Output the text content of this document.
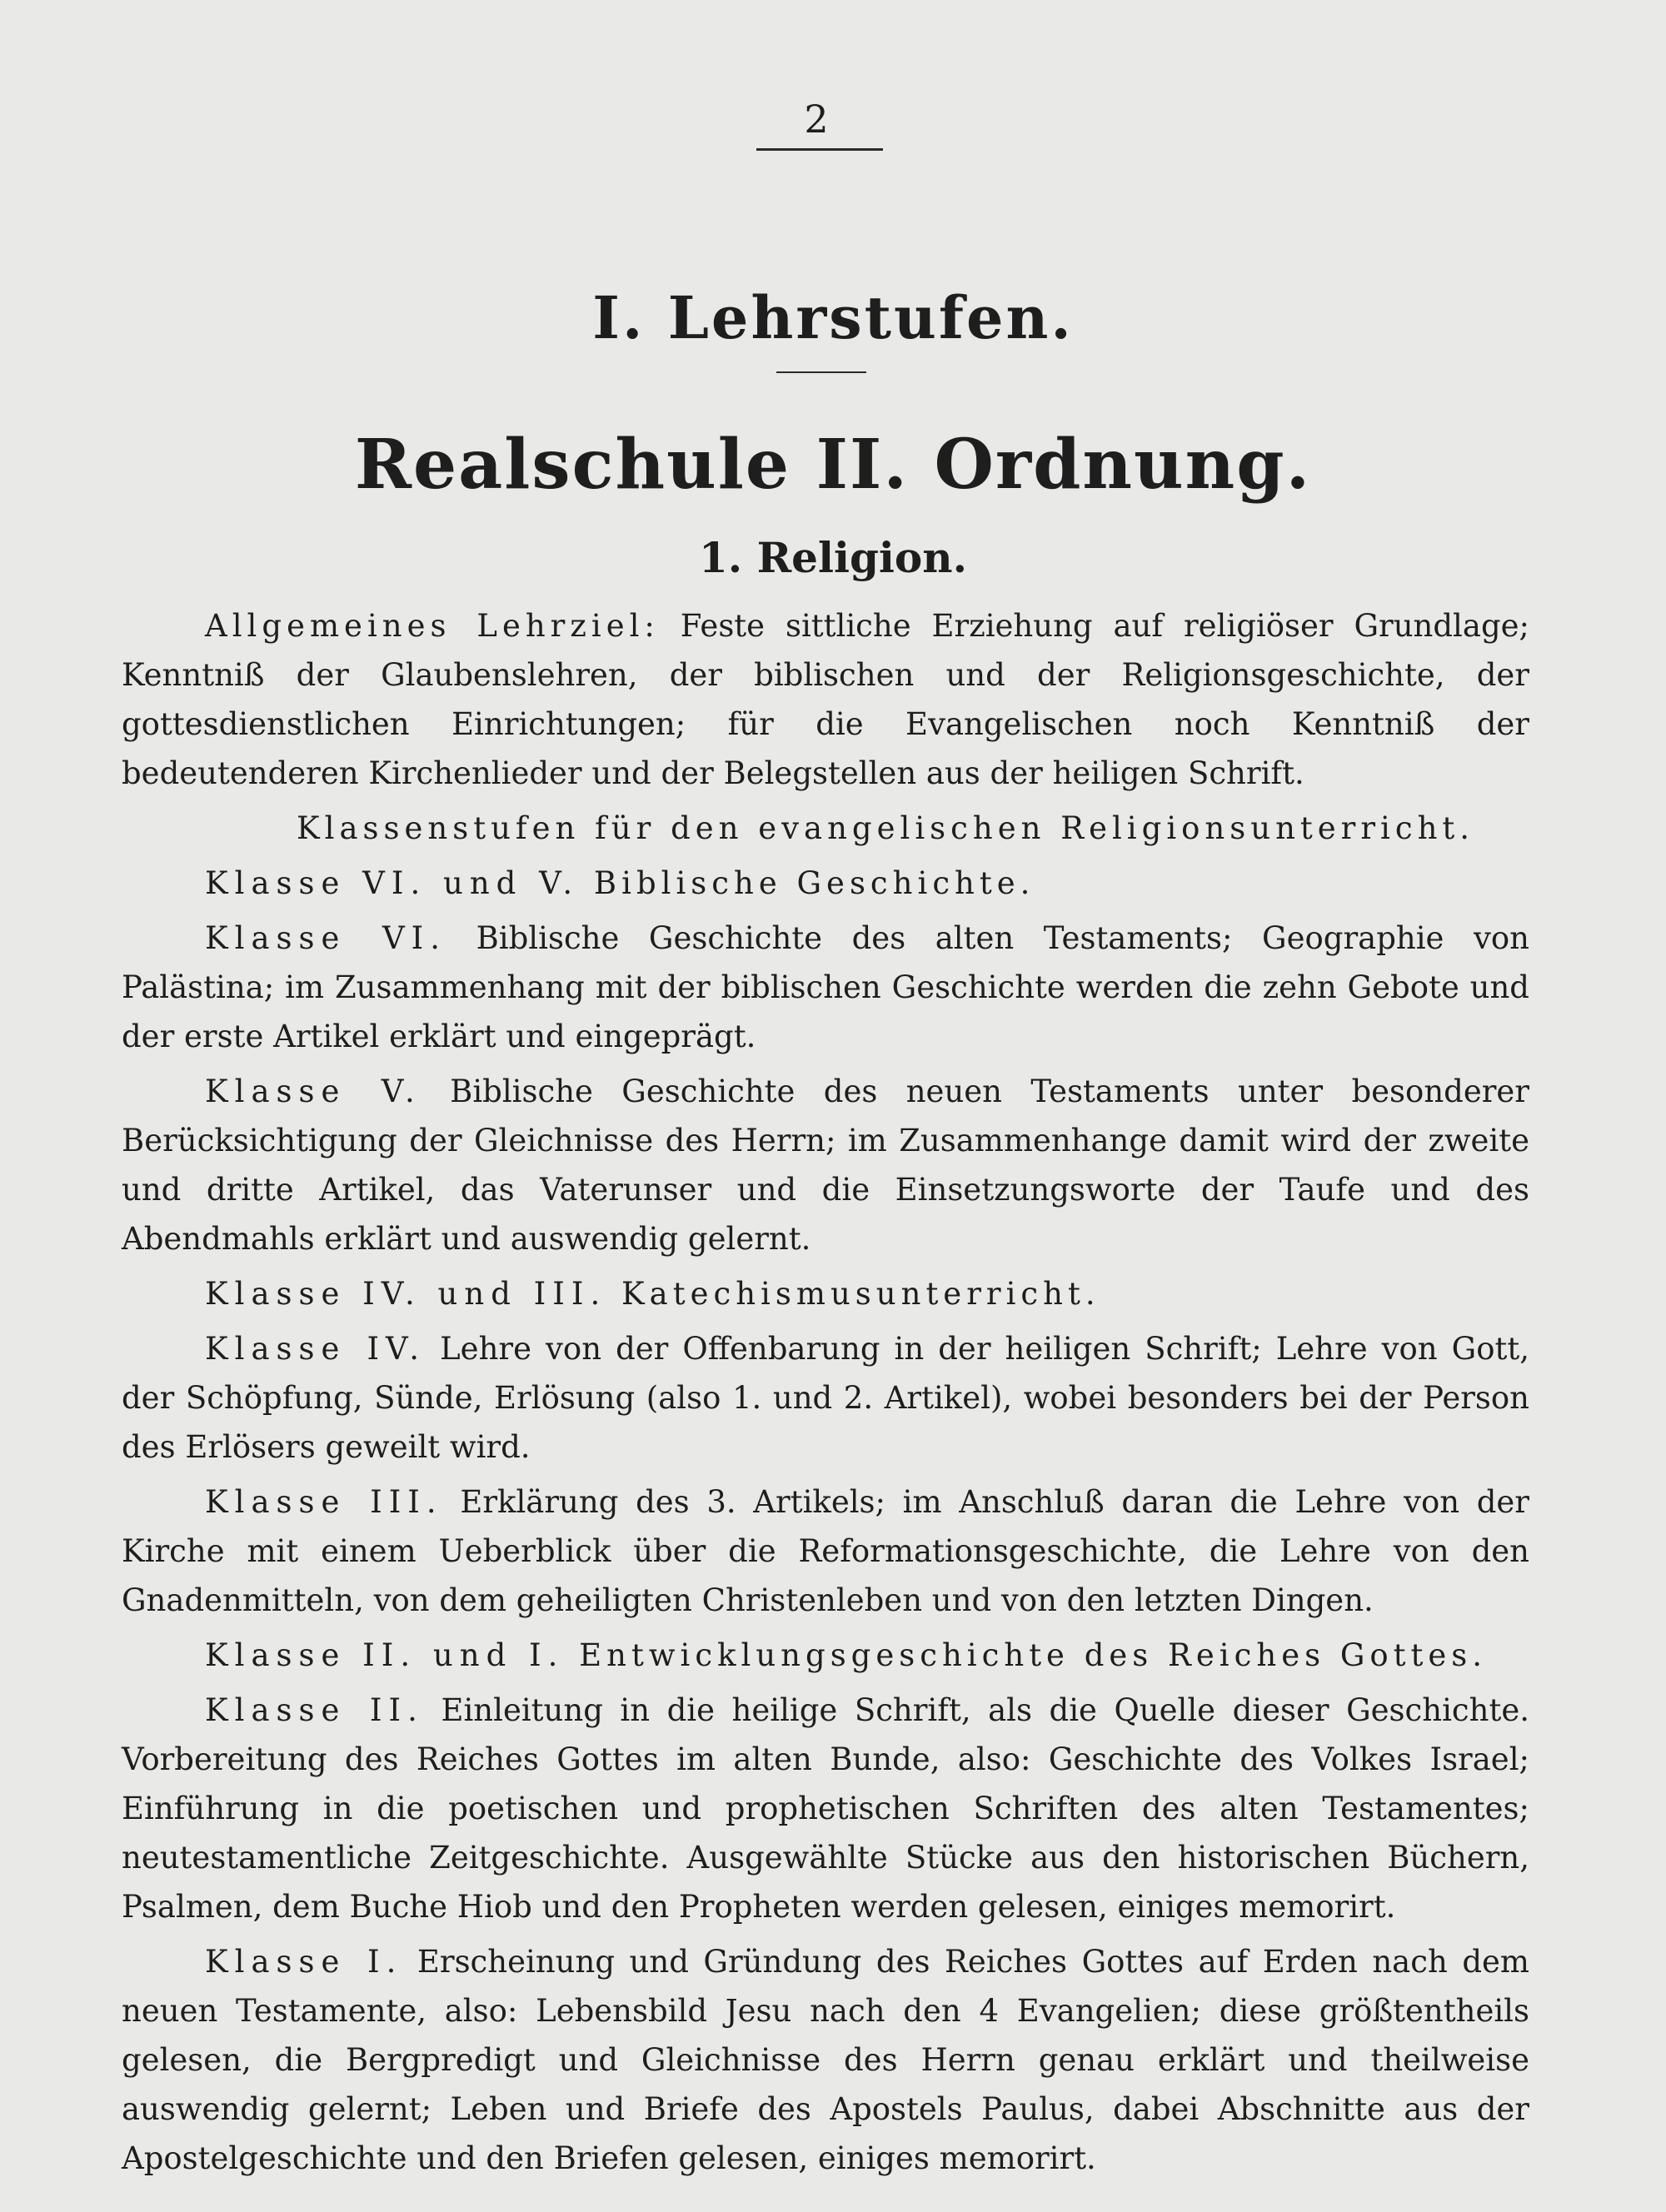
2
I. Lehrstufen.
Realschule II. Ordnung.
1. Religion.

Allgemeines Lehrziel: Feste sittliche Erziehung auf religiöser Grundlage; Kenntniß der Glaubenslehren, der biblischen und der Religionsgeschichte, der gottesdienstlichen Einrichtungen; für die Evangelischen noch Kenntniß der bedeutenderen Kirchenlieder und der Belegstellen aus der heiligen Schrift.

Klassenstufen für den evangelischen Religionsunterricht.

Klasse VI. und V. Biblische Geschichte.

Klasse VI. Biblische Geschichte des alten Testaments; Geographie von Palästina; im Zusammenhang mit der biblischen Geschichte werden die zehn Gebote und der erste Artikel erklärt und eingeprägt.

Klasse V. Biblische Geschichte des neuen Testaments unter besonderer Berücksichtigung der Gleichnisse des Herrn; im Zusammenhange damit wird der zweite und dritte Artikel, das Vaterunser und die Einsetzungsworte der Taufe und des Abendmahls erklärt und auswendig gelernt.

Klasse IV. und III. Katechismusunterricht.

Klasse IV. Lehre von der Offenbarung in der heiligen Schrift; Lehre von Gott, der Schöpfung, Sünde, Erlösung (also 1. und 2. Artikel), wobei besonders bei der Person des Erlösers geweilt wird.

Klasse III. Erklärung des 3. Artikels; im Anschluß daran die Lehre von der Kirche mit einem Ueberblick über die Reformationsgeschichte, die Lehre von den Gnadenmitteln, von dem geheiligten Christenleben und von den letzten Dingen.

Klasse II. und I. Entwicklungsgeschichte des Reiches Gottes.

Klasse II. Einleitung in die heilige Schrift, als die Quelle dieser Geschichte. Vorbereitung des Reiches Gottes im alten Bunde, also: Geschichte des Volkes Israel; Einführung in die poetischen und prophetischen Schriften des alten Testamentes; neutestamentliche Zeitgeschichte. Ausgewählte Stücke aus den historischen Büchern, Psalmen, dem Buche Hiob und den Propheten werden gelesen, einiges memorirt.

Klasse I. Erscheinung und Gründung des Reiches Gottes auf Erden nach dem neuen Testamente, also: Lebensbild Jesu nach den 4 Evangelien; diese größtentheils gelesen, die Bergpredigt und Gleichnisse des Herrn genau erklärt und theilweise auswendig gelernt; Leben und Briefe des Apostels Paulus, dabei Abschnitte aus der Apostelgeschichte und den Briefen gelesen, einiges memorirt.
